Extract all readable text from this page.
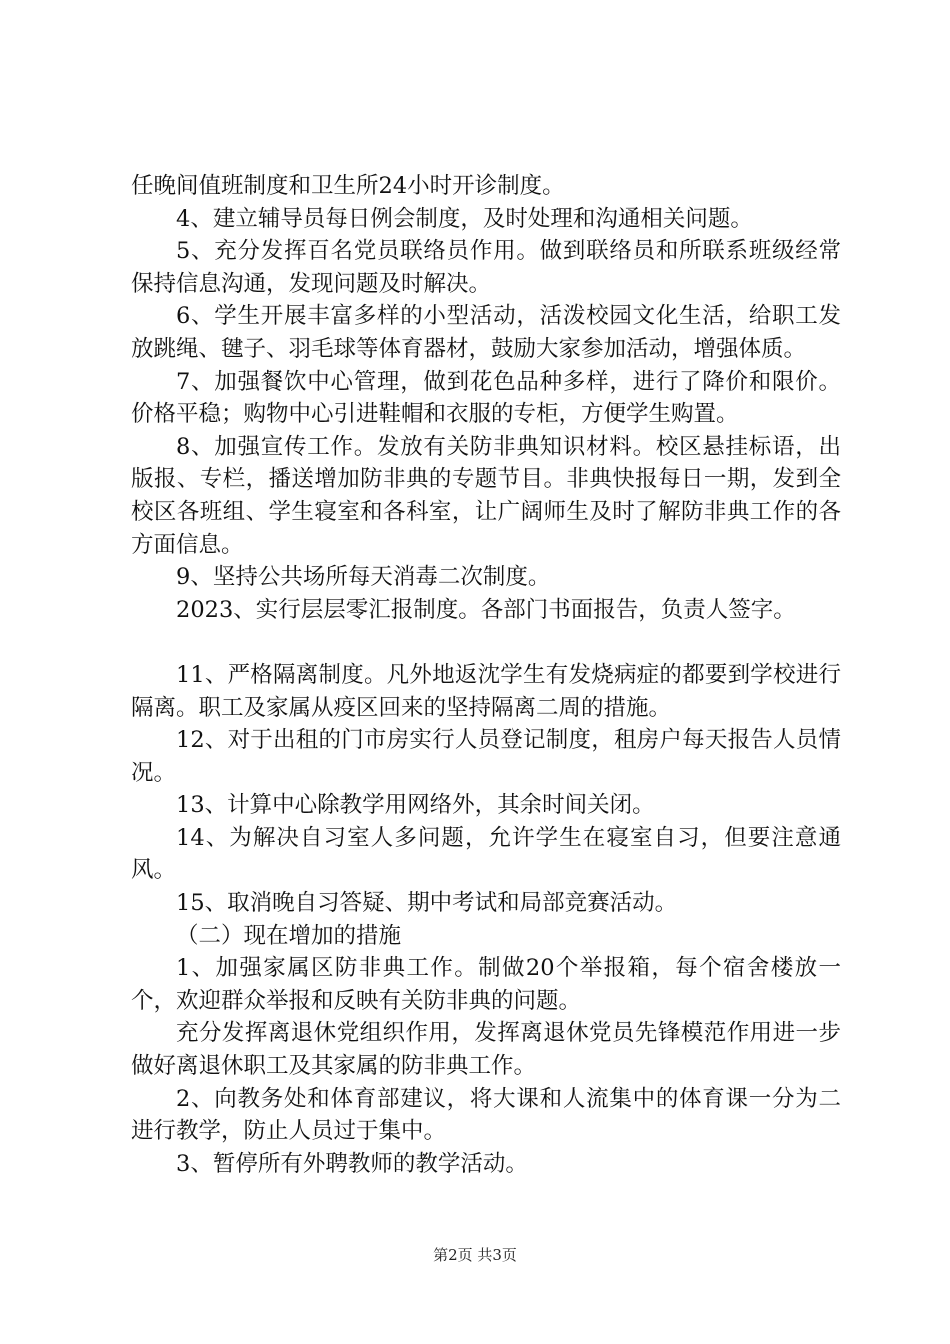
任晚间值班制度和卫生所24小时开诊制度。

4、建立辅导员每日例会制度，及时处理和沟通相关问题。

5、充分发挥百名党员联络员作用。做到联络员和所联系班级经常保持信息沟通，发现问题及时解决。

6、学生开展丰富多样的小型活动，活泼校园文化生活，给职工发放跳绳、毽子、羽毛球等体育器材，鼓励大家参加活动，增强体质。

7、加强餐饮中心管理，做到花色品种多样，进行了降价和限价。价格平稳；购物中心引进鞋帽和衣服的专柜，方便学生购置。

8、加强宣传工作。发放有关防非典知识材料。校区悬挂标语，出版报、专栏，播送增加防非典的专题节目。非典快报每日一期，发到全校区各班组、学生寝室和各科室，让广阔师生及时了解防非典工作的各方面信息。

9、坚持公共场所每天消毒二次制度。

2023、实行层层零汇报制度。各部门书面报告，负责人签字。

11、严格隔离制度。凡外地返沈学生有发烧病症的都要到学校进行隔离。职工及家属从疫区回来的坚持隔离二周的措施。

12、对于出租的门市房实行人员登记制度，租房户每天报告人员情况。

13、计算中心除教学用网络外，其余时间关闭。

14、为解决自习室人多问题，允许学生在寝室自习，但要注意通风。

15、取消晚自习答疑、期中考试和局部竞赛活动。

（二）现在增加的措施

1、加强家属区防非典工作。制做20个举报箱，每个宿舍楼放一个，欢迎群众举报和反映有关防非典的问题。

充分发挥离退休党组织作用，发挥离退休党员先锋模范作用进一步做好离退休职工及其家属的防非典工作。

2、向教务处和体育部建议，将大课和人流集中的体育课一分为二进行教学，防止人员过于集中。

3、暂停所有外聘教师的教学活动。

第2页 共3页
